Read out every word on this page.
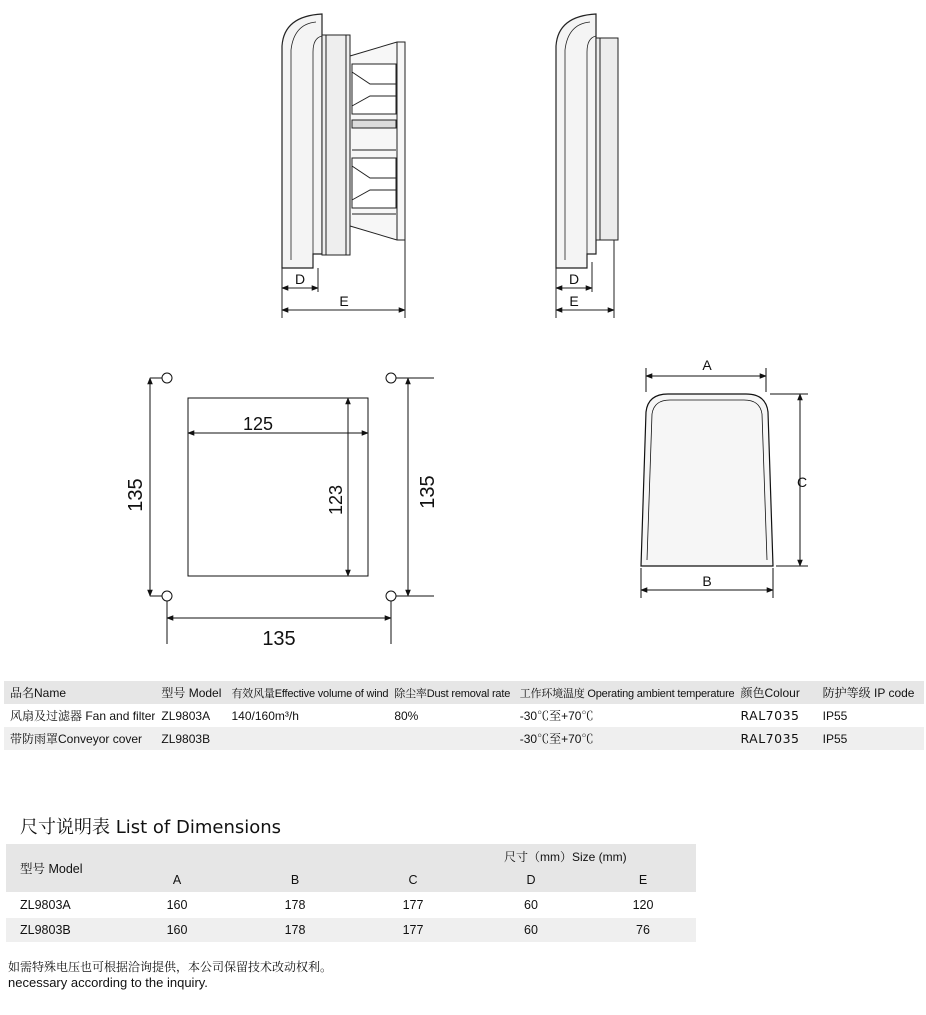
D
E
D
E
125
123
135	135
135
A
B
C
品名Name	型号 Model	有效风量Effective volume of wind	除尘率Dust removal rate	工作环境温度 Operating ambient temperature	颜色Colour	防护等级 IP code
风扇及过滤器 Fan and filter	ZL9803A	140/160m³/h	80%	-30℃至+70℃	RAL7035	IP55
带防雨罩Conveyor cover	ZL9803B			-30℃至+70℃	RAL7035	IP55
尺寸说明表 List of Dimensions
型号 Model	尺寸（mm）Size (mm)				
	A	B	C	D	E
ZL9803A	160	178	177	60	120
ZL9803B	160	178	177	60	76
如需特殊电压也可根据洽询提供，本公司保留技术改动权利。
necessary according to the inquiry.
